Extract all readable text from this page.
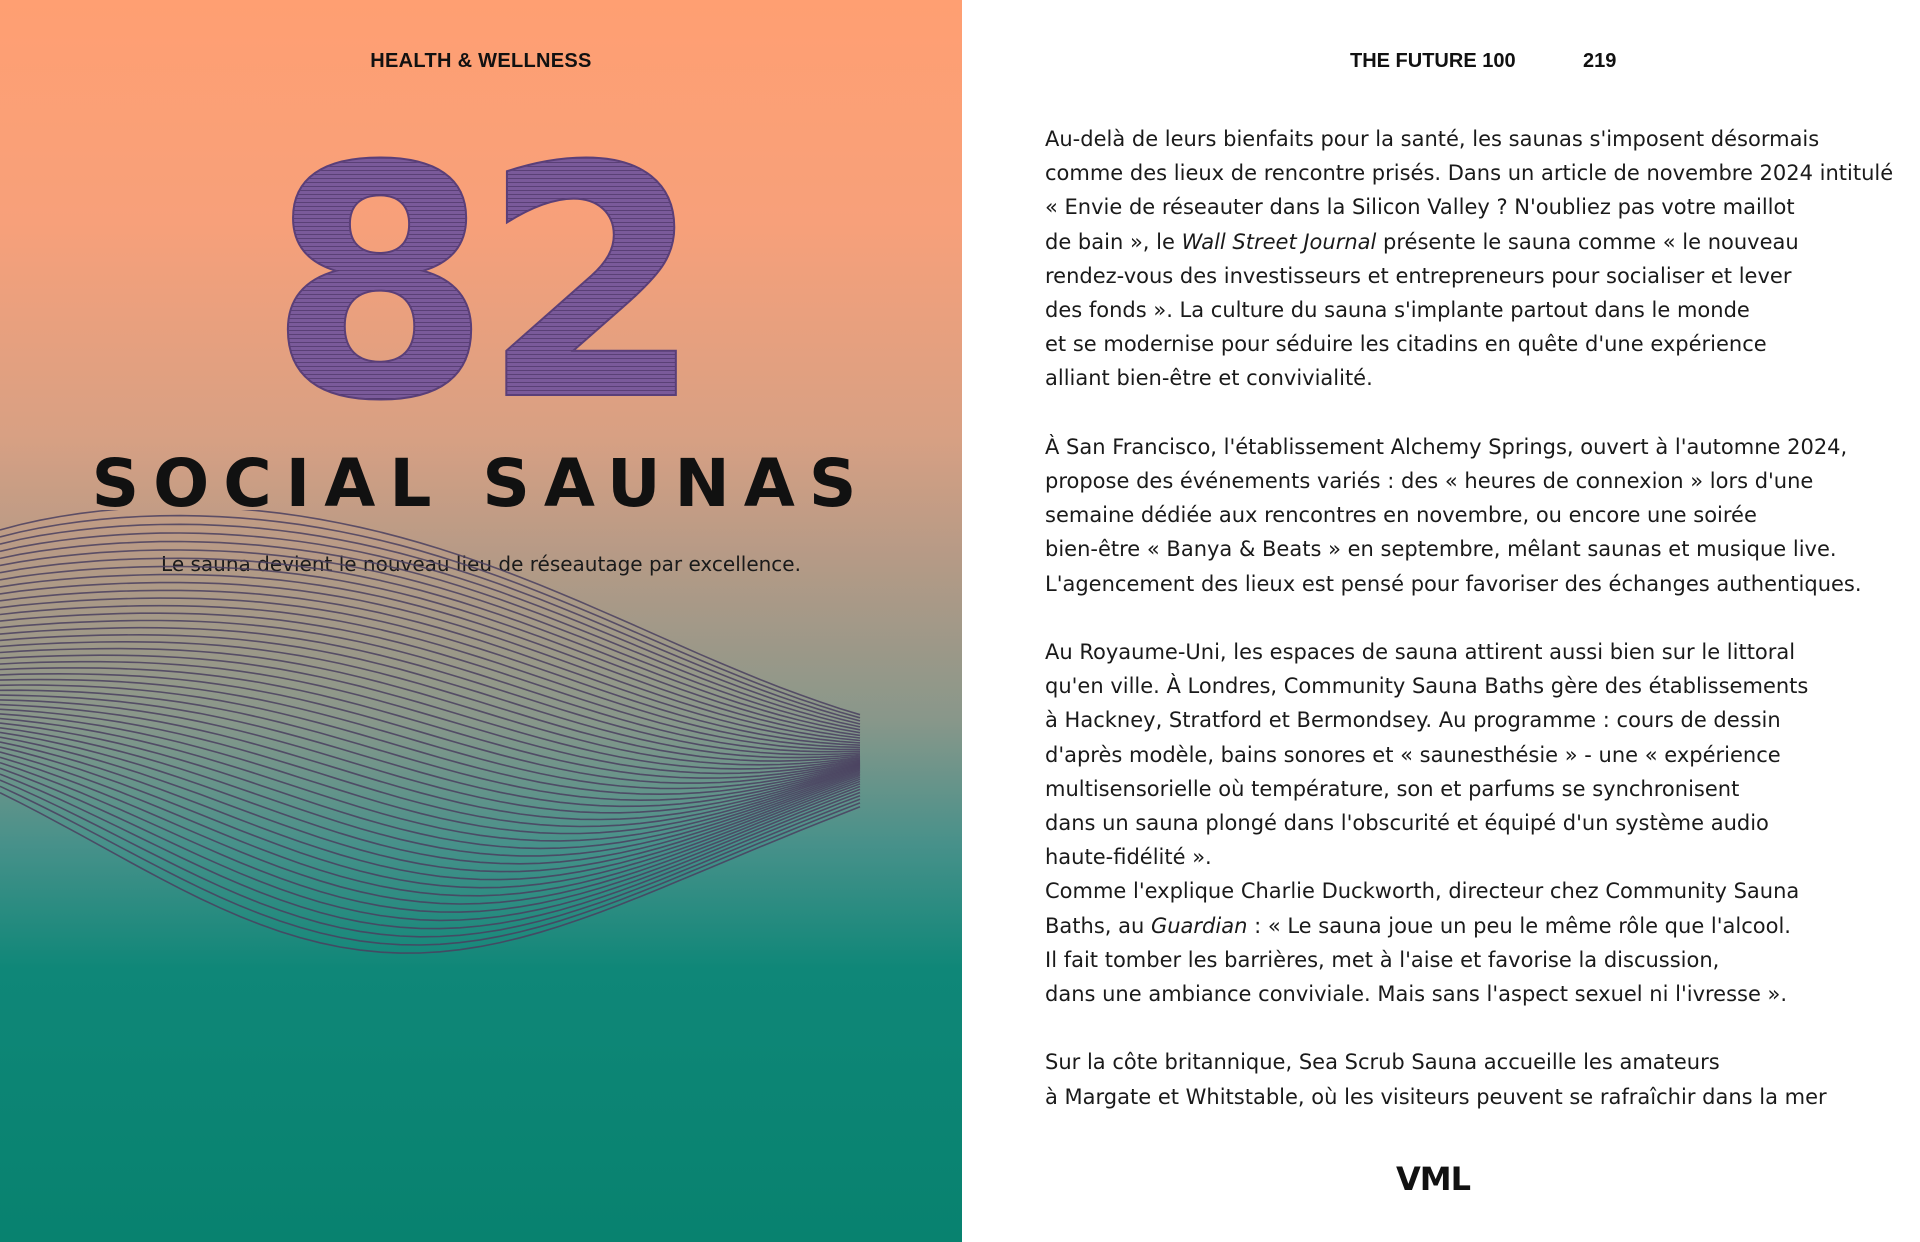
HEALTH & WELLNESS
82
SOCIAL SAUNAS
Le sauna devient le nouveau lieu de réseautage par excellence.
THE FUTURE 100	219
Au-delà de leurs bienfaits pour la santé, les saunas s'imposent désormais
comme des lieux de rencontre prisés. Dans un article de novembre 2024 intitulé
« Envie de réseauter dans la Silicon Valley ? N'oubliez pas votre maillot
de bain », le Wall Street Journal présente le sauna comme « le nouveau
rendez-vous des investisseurs et entrepreneurs pour socialiser et lever
des fonds ». La culture du sauna s'implante partout dans le monde
et se modernise pour séduire les citadins en quête d'une expérience
alliant bien-être et convivialité.
À San Francisco, l'établissement Alchemy Springs, ouvert à l'automne 2024,
propose des événements variés : des « heures de connexion » lors d'une
semaine dédiée aux rencontres en novembre, ou encore une soirée
bien-être « Banya & Beats » en septembre, mêlant saunas et musique live.
L'agencement des lieux est pensé pour favoriser des échanges authentiques.
Au Royaume-Uni, les espaces de sauna attirent aussi bien sur le littoral
qu'en ville. À Londres, Community Sauna Baths gère des établissements
à Hackney, Stratford et Bermondsey. Au programme : cours de dessin
d'après modèle, bains sonores et « saunesthésie » - une « expérience
multisensorielle où température, son et parfums se synchronisent
dans un sauna plongé dans l'obscurité et équipé d'un système audio
haute-fidélité ».
Comme l'explique Charlie Duckworth, directeur chez Community Sauna
Baths, au Guardian : « Le sauna joue un peu le même rôle que l'alcool.
Il fait tomber les barrières, met à l'aise et favorise la discussion,
dans une ambiance conviviale. Mais sans l'aspect sexuel ni l'ivresse ».
Sur la côte britannique, Sea Scrub Sauna accueille les amateurs
à Margate et Whitstable, où les visiteurs peuvent se rafraîchir dans la mer
VML
